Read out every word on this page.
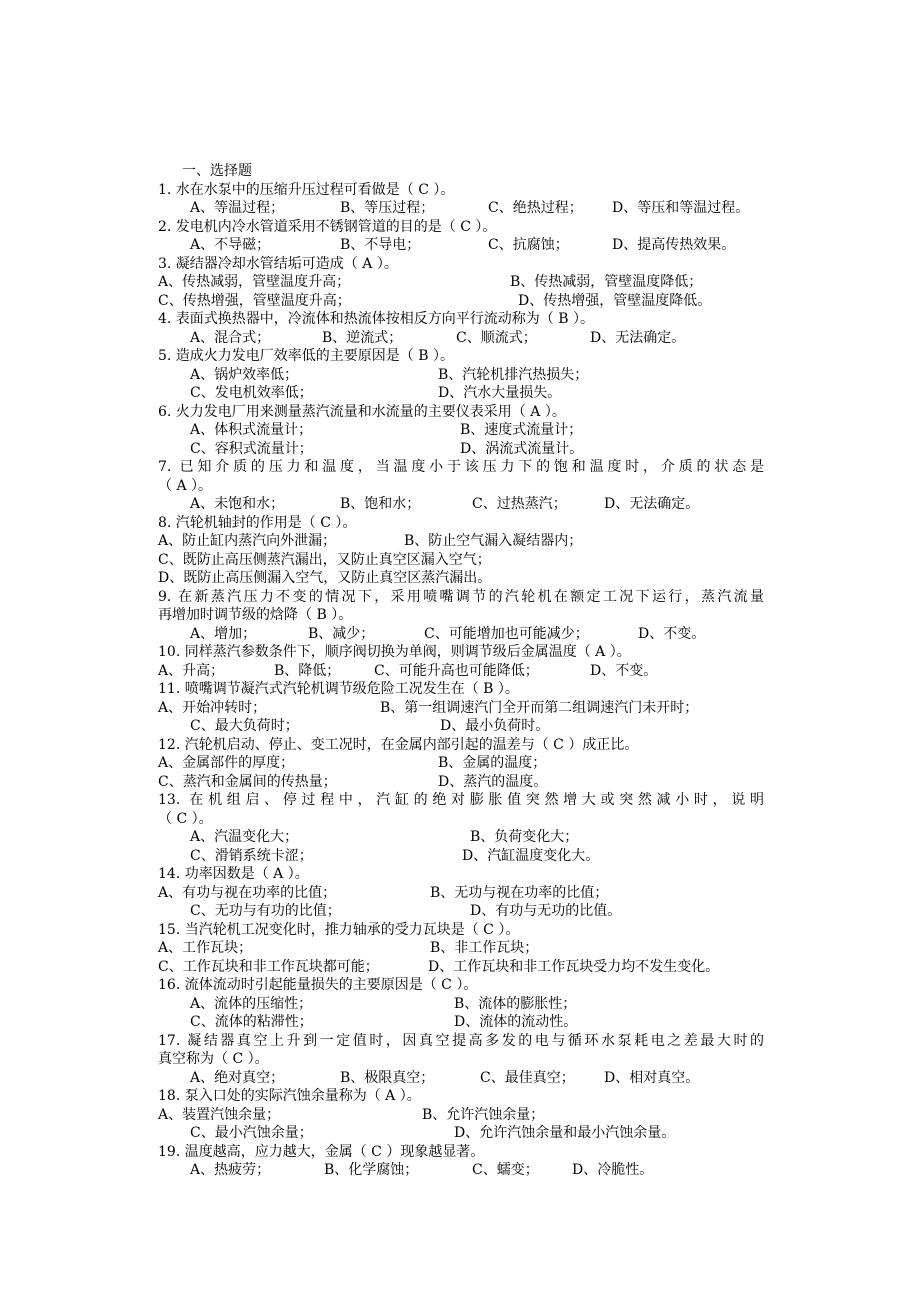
一、选择题
1. 水在水泵中的压缩升压过程可看做是（ C ）。
A、等温过程；	B、等压过程；	C、绝热过程； D、等压和等温过程。
2. 发电机内冷水管道采用不锈钢管道的目的是（ C ）。
A、不导磁；	B、不导电；	C、抗腐蚀；	D、提高传热效果。
3. 凝结器冷却水管结垢可造成（ A ）。
A、传热减弱，管壁温度升高；	B、传热减弱，管壁温度降低；
C、传热增强，管壁温度升高；	D、传热增强，管壁温度降低。
4. 表面式换热器中，冷流体和热流体按相反方向平行流动称为（ B ）。
A、混合式；	B、逆流式；	C、顺流式；	D、无法确定。
5. 造成火力发电厂效率低的主要原因是（ B ）。
A、锅炉效率低；	B、汽轮机排汽热损失；
C、发电机效率低；	D、汽水大量损失。
6. 火力发电厂用来测量蒸汽流量和水流量的主要仪表采用（ A ）。
A、体积式流量计；	B、速度式流量计；
C、容积式流量计；	D、涡流式流量计。
7. 已知介质的压力和温度，当温度小于该压力下的饱和温度时，介质的状态是
（ A ）。
A、未饱和水；	B、饱和水；	C、过热蒸汽；	D、无法确定。
8. 汽轮机轴封的作用是（ C ）。
A、防止缸内蒸汽向外泄漏；	B、防止空气漏入凝结器内；
C、既防止高压侧蒸汽漏出，又防止真空区漏入空气；
D、既防止高压侧漏入空气，又防止真空区蒸汽漏出。
9. 在新蒸汽压力不变的情况下，采用喷嘴调节的汽轮机在额定工况下运行，蒸汽流量
再增加时调节级的焓降（ B ）。
A、增加；	B、减少；	C、可能增加也可能减少；	D、不变。
10. 同样蒸汽参数条件下，顺序阀切换为单阀，则调节级后金属温度（ A ）。
A、升高；	B、降低； C、可能升高也可能降低；	D、不变。
11. 喷嘴调节凝汽式汽轮机调节级危险工况发生在（ B ）。
A、开始冲转时；	B、第一组调速汽门全开而第二组调速汽门未开时；
C、最大负荷时；	D、最小负荷时。
12. 汽轮机启动、停止、变工况时，在金属内部引起的温差与（ C ）成正比。
A、金属部件的厚度；	B、金属的温度；
C、蒸汽和金属间的传热量；	D、蒸汽的温度。
13. 在机组启、停过程中，汽缸的绝对膨胀值突然增大或突然减小时，说明
（ C ）。
A、汽温变化大；	B、负荷变化大；
C、滑销系统卡涩；	D、汽缸温度变化大。
14. 功率因数是（ A ）。
A、有功与视在功率的比值；	B、无功与视在功率的比值；
C、无功与有功的比值；	D、有功与无功的比值。
15. 当汽轮机工况变化时，推力轴承的受力瓦块是（ C ）。
A、工作瓦块；	B、非工作瓦块；
C、工作瓦块和非工作瓦块都可能；	D、工作瓦块和非工作瓦块受力均不发生变化。
16. 流体流动时引起能量损失的主要原因是（ C ）。
A、流体的压缩性；	B、流体的膨胀性；
C、流体的粘滞性；	D、流体的流动性。
17. 凝结器真空上升到一定值时，因真空提高多发的电与循环水泵耗电之差最大时的
真空称为（ C ）。
A、绝对真空；	B、极限真空；	C、最佳真空； D、相对真空。
18. 泵入口处的实际汽蚀余量称为（ A ）。
A、装置汽蚀余量；	B、允许汽蚀余量；
C、最小汽蚀余量；	D、允许汽蚀余量和最小汽蚀余量。
19. 温度越高，应力越大，金属（ C ）现象越显著。
A、热疲劳；	B、化学腐蚀；	C、蠕变； D、冷脆性。
